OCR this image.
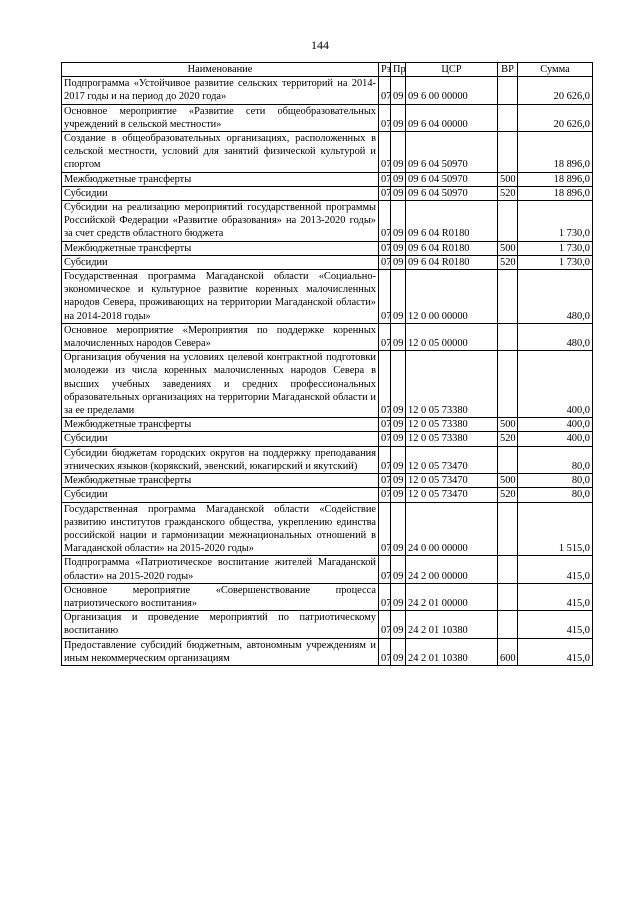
144
Наименование	Рз	Пр	ЦСР	ВР	Сумма
Подпрограмма «Устойчивое развитие сельских территорий на 2014-2017 годы и на период до 2020 года»	07	09	09 6 00 00000		20 626,0
Основное мероприятие «Развитие сети общеобразовательных учреждений в сельской местности»	07	09	09 6 04 00000		20 626,0
Создание в общеобразовательных организациях, расположенных в сельской местности, условий для занятий физической культурой и спортом	07	09	09 6 04 50970		18 896,0
Межбюджетные трансферты	07	09	09 6 04 50970	500	18 896,0
Субсидии	07	09	09 6 04 50970	520	18 896,0
Субсидии на реализацию мероприятий государственной программы Российской Федерации «Развитие образования» на 2013-2020 годы» за счет средств областного бюджета	07	09	09 6 04 R0180		1 730,0
Межбюджетные трансферты	07	09	09 6 04 R0180	500	1 730,0
Субсидии	07	09	09 6 04 R0180	520	1 730,0
Государственная программа Магаданской области «Социально-экономическое и культурное развитие коренных малочисленных народов Севера, проживающих на территории Магаданской области» на 2014-2018 годы»	07	09	12 0 00 00000		480,0
Основное мероприятие «Мероприятия по поддержке коренных малочисленных народов Севера»	07	09	12 0 05 00000		480,0
Организация обучения на условиях целевой контрактной подготовки молодежи из числа коренных малочисленных народов Севера в высших учебных заведениях и средних профессиональных образовательных организациях на территории Магаданской области и за ее пределами	07	09	12 0 05 73380		400,0
Межбюджетные трансферты	07	09	12 0 05 73380	500	400,0
Субсидии	07	09	12 0 05 73380	520	400,0
Субсидии бюджетам городских округов на поддержку преподавания этнических языков (корякский, эвенский, юкагирский и якутский)	07	09	12 0 05 73470		80,0
Межбюджетные трансферты	07	09	12 0 05 73470	500	80,0
Субсидии	07	09	12 0 05 73470	520	80,0
Государственная программа Магаданской области «Содействие развитию институтов гражданского общества, укреплению единства российской нации и гармонизации межнациональных отношений в Магаданской области» на 2015-2020 годы»	07	09	24 0 00 00000		1 515,0
Подпрограмма «Патриотическое воспитание жителей Магаданской области» на 2015-2020 годы»	07	09	24 2 00 00000		415,0
Основное мероприятие «Совершенствование процесса патриотического воспитания»	07	09	24 2 01 00000		415,0
Организация и проведение мероприятий по патриотическому воспитанию	07	09	24 2 01 10380		415,0
Предоставление субсидий бюджетным, автономным учреждениям и иным некоммерческим организациям	07	09	24 2 01 10380	600	415,0
